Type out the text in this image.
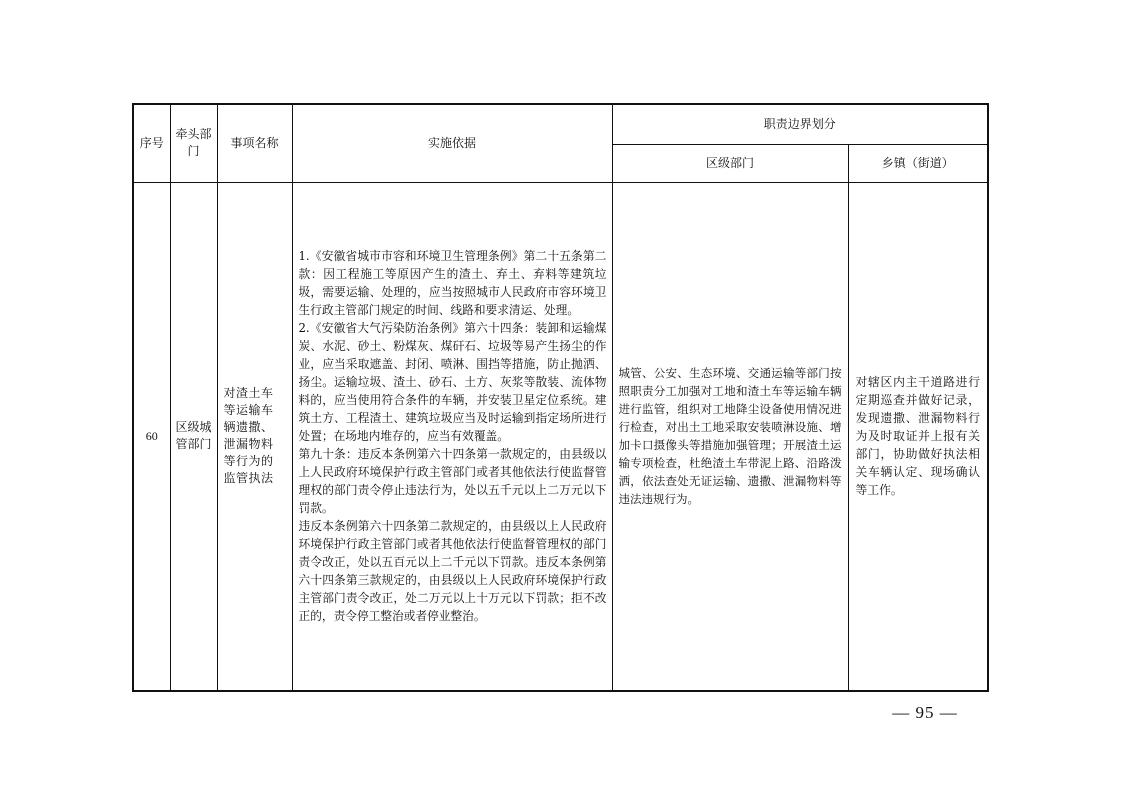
序号	牵头部门	事项名称	实施依据	职责边界划分	
				区级部门	乡镇（街道）
60	区级城管部门	对渣土车等运输车辆遗撒、泄漏物料等行为的监管执法	1.《安徽省城市市容和环境卫生管理条例》第二十五条第二款：因工程施工等原因产生的渣土、弃土、弃料等建筑垃圾，需要运输、处理的，应当按照城市人民政府市容环境卫生行政主管部门规定的时间、线路和要求清运、处理。

2.《安徽省大气污染防治条例》第六十四条：装卸和运输煤炭、水泥、砂土、粉煤灰、煤矸石、垃圾等易产生扬尘的作业，应当采取遮盖、封闭、喷淋、围挡等措施，防止抛洒、扬尘。运输垃圾、渣土、砂石、土方、灰浆等散装、流体物料的，应当使用符合条件的车辆，并安装卫星定位系统。建筑土方、工程渣土、建筑垃圾应当及时运输到指定场所进行处置；在场地内堆存的，应当有效覆盖。

第九十条：违反本条例第六十四条第一款规定的，由县级以上人民政府环境保护行政主管部门或者其他依法行使监督管理权的部门责令停止违法行为，处以五千元以上二万元以下罚款。

违反本条例第六十四条第二款规定的，由县级以上人民政府环境保护行政主管部门或者其他依法行使监督管理权的部门责令改正，处以五百元以上二千元以下罚款。违反本条例第六十四条第三款规定的，由县级以上人民政府环境保护行政主管部门责令改正，处二万元以上十万元以下罚款；拒不改正的，责令停工整治或者停业整治。	城管、公安、生态环境、交通运输等部门按照职责分工加强对工地和渣土车等运输车辆进行监管，组织对工地降尘设备使用情况进行检查，对出土工地采取安装喷淋设施、增加卡口摄像头等措施加强管理；开展渣土运输专项检查，杜绝渣土车带泥上路、沿路泼洒，依法查处无证运输、遗撒、泄漏物料等违法违规行为。	对辖区内主干道路进行定期巡查并做好记录，发现遗撒、泄漏物料行为及时取证并上报有关部门，协助做好执法相关车辆认定、现场确认等工作。
— 95 —
